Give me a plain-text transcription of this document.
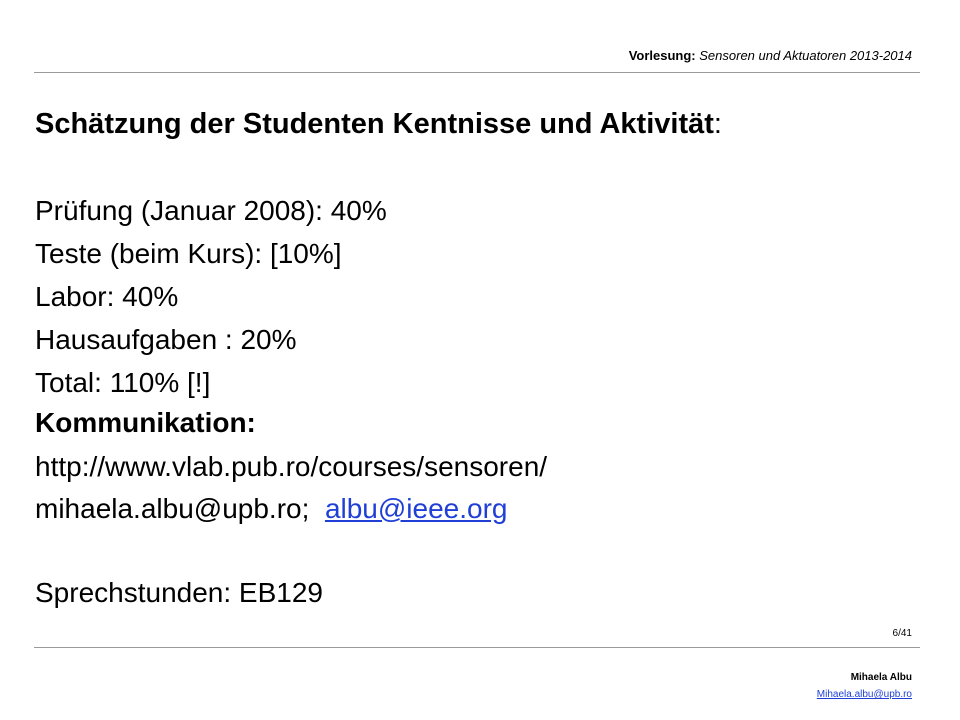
Vorlesung: Sensoren und Aktuatoren 2013-2014
Schätzung der Studenten Kentnisse und Aktivität:
Prüfung (Januar 2008): 40%
Teste (beim Kurs): [10%]
Labor: 40%
Hausaufgaben : 20%
Total: 110% [!]
Kommunikation:
http://www.vlab.pub.ro/courses/sensoren/
mihaela.albu@upb.ro; albu@ieee.org
Sprechstunden: EB129
6/41
Mihaela Albu
Mihaela.albu@upb.ro
